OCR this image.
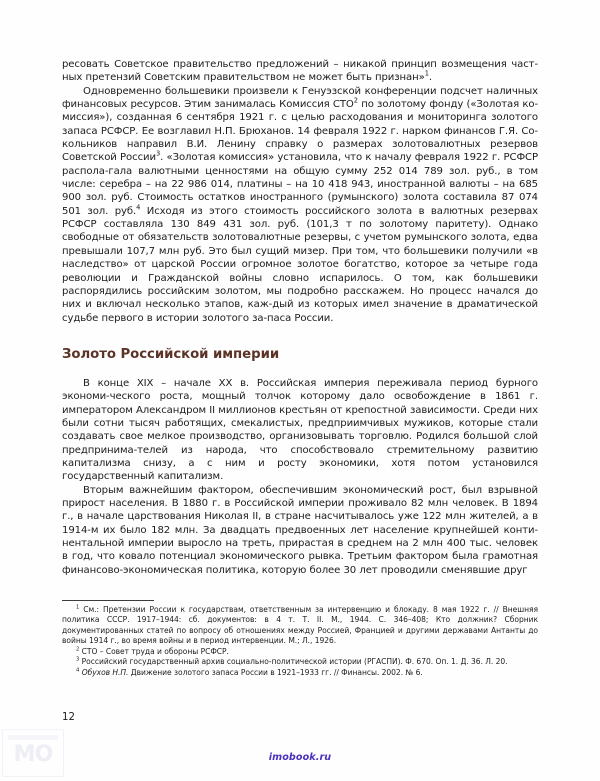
ресовать Советское правительство предложений – никакой принцип возмещения част-ных претензий Советским правительством не может быть признан»$^1$.

Одновременно большевики произвели к Генуэзской конференции подсчет наличных финансовых ресурсов. Этим занималась Комиссия СТО$^2$ по золотому фонду («Золотая ко-миссия»), созданная 6 сентября 1921 г. с целью расходования и мониторинга золотого запаса РСФСР. Ее возглавил Н.П. Брюханов. 14 февраля 1922 г. нарком финансов Г.Я. Со-кольников направил В.И. Ленину справку о размерах золотовалютных резервов Советской России$^3$. «Золотая комиссия» установила, что к началу февраля 1922 г. РСФСР распола-гала валютными ценностями на общую сумму 252 014 789 зол. руб., в том числе: серебра – на 22 986 014, платины – на 10 418 943, иностранной валюты – на 685 900 зол. руб. Стоимость остатков иностранного (румынского) золота составила 87 074 501 зол. руб.$^4$ Исходя из этого стоимость российского золота в валютных резервах РСФСР составляла 130 849 431 зол. руб. (101,3 т по золотому паритету). Однако свободные от обязательств золотовалютные резервы, с учетом румынского золота, едва превышали 107,7 млн руб. Это был сущий мизер. При том, что большевики получили «в наследство» от царской России огромное золотое богатство, которое за четыре года революции и Гражданской войны словно испарилось. О том, как большевики распорядились российским золотом, мы подробно расскажем. Но процесс начался до них и включал несколько этапов, каж-дый из которых имел значение в драматической судьбе первого в истории золотого за-паса России.

Золото Российской империи

В конце XIX – начале XX в. Российская империя переживала период бурного экономи-ческого роста, мощный толчок которому дало освобождение в 1861 г. императором Александром II миллионов крестьян от крепостной зависимости. Среди них были сотни тысяч работящих, смекалистых, предприимчивых мужиков, которые стали создавать свое мелкое производство, организовывать торговлю. Родился большой слой предпринима-телей из народа, что способствовало стремительному развитию капитализма снизу, а с ним и росту экономики, хотя потом установился государственный капитализм.

Вторым важнейшим фактором, обеспечившим экономический рост, был взрывной прирост населения. В 1880 г. в Российской империи проживало 82 млн человек. В 1894 г., в начале царствования Николая II, в стране насчитывалось уже 122 млн жителей, а в 1914-м их было 182 млн. За двадцать предвоенных лет население крупнейшей конти-нентальной империи выросло на треть, прирастая в среднем на 2 млн 400 тыс. человек в год, что ковало потенциал экономического рывка. Третьим фактором была грамотная финансово-экономическая политика, которую более 30 лет проводили сменявшие друг

$^1$ См.: Претензии России к государствам, ответственным за интервенцию и блокаду. 8 мая 1922 г. // Внешняя политика СССР. 1917–1944: сб. документов: в 4 т. Т. II. М., 1944. С. 346–408; Кто должник? Сборник документированных статей по вопросу об отношениях между Россией, Францией и другими державами Антанты до войны 1914 г., во время войны и в период интервенции. М.; Л., 1926.

$^2$ СТО – Совет труда и обороны РСФСР.

$^3$ Российский государственный архив социально-политической истории (РГАСПИ). Ф. 670. Оп. 1. Д. 36. Л. 20.

$^4$ Обухов Н.П. Движение золотого запаса России в 1921–1933 гг. // Финансы. 2002. № 6.

12
imobook.ru
MO
